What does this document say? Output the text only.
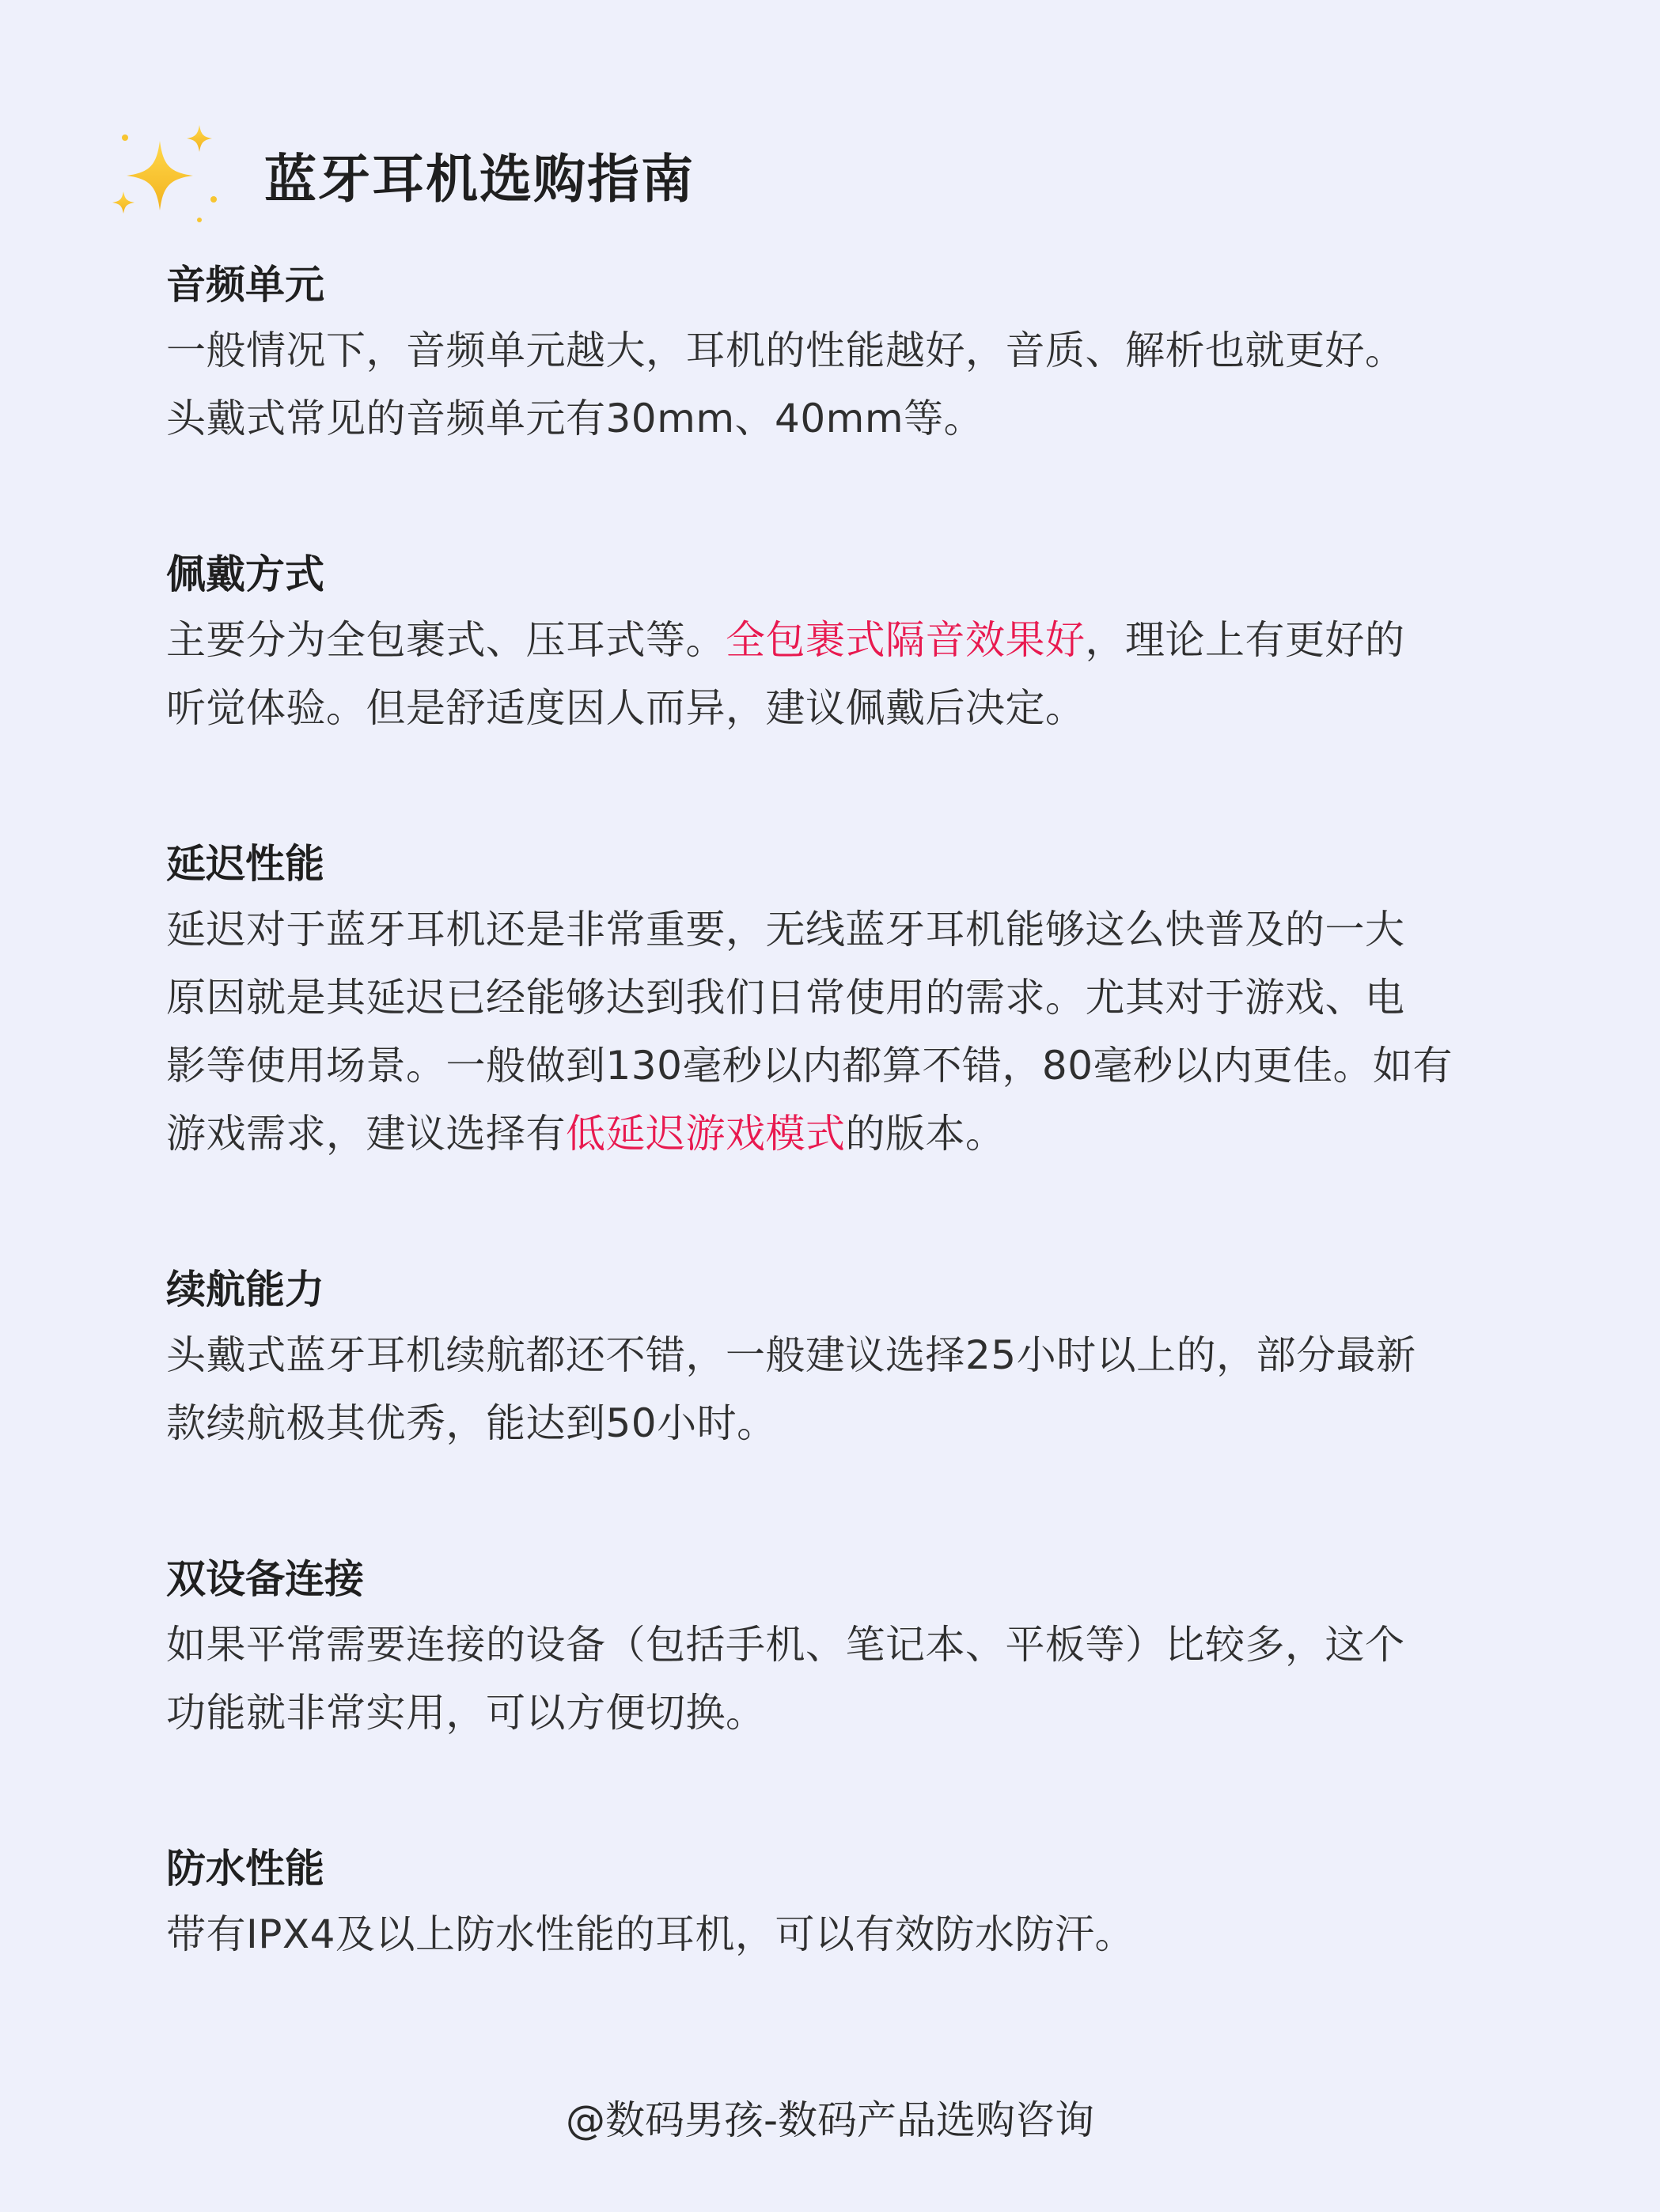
蓝牙耳机选购指南
音频单元
一般情况下，音频单元越大，耳机的性能越好，音质、解析也就更好。
头戴式常见的音频单元有30mm、40mm等。
佩戴方式
主要分为全包裹式、压耳式等。全包裹式隔音效果好，理论上有更好的
听觉体验。但是舒适度因人而异，建议佩戴后决定。
延迟性能
延迟对于蓝牙耳机还是非常重要，无线蓝牙耳机能够这么快普及的一大
原因就是其延迟已经能够达到我们日常使用的需求。尤其对于游戏、电
影等使用场景。一般做到130毫秒以内都算不错，80毫秒以内更佳。如有
游戏需求，建议选择有低延迟游戏模式的版本。
续航能力
头戴式蓝牙耳机续航都还不错，一般建议选择25小时以上的，部分最新
款续航极其优秀，能达到50小时。
双设备连接
如果平常需要连接的设备（包括手机、笔记本、平板等）比较多，这个
功能就非常实用，可以方便切换。
防水性能
带有IPX4及以上防水性能的耳机，可以有效防水防汗。
@数码男孩-数码产品选购咨询
